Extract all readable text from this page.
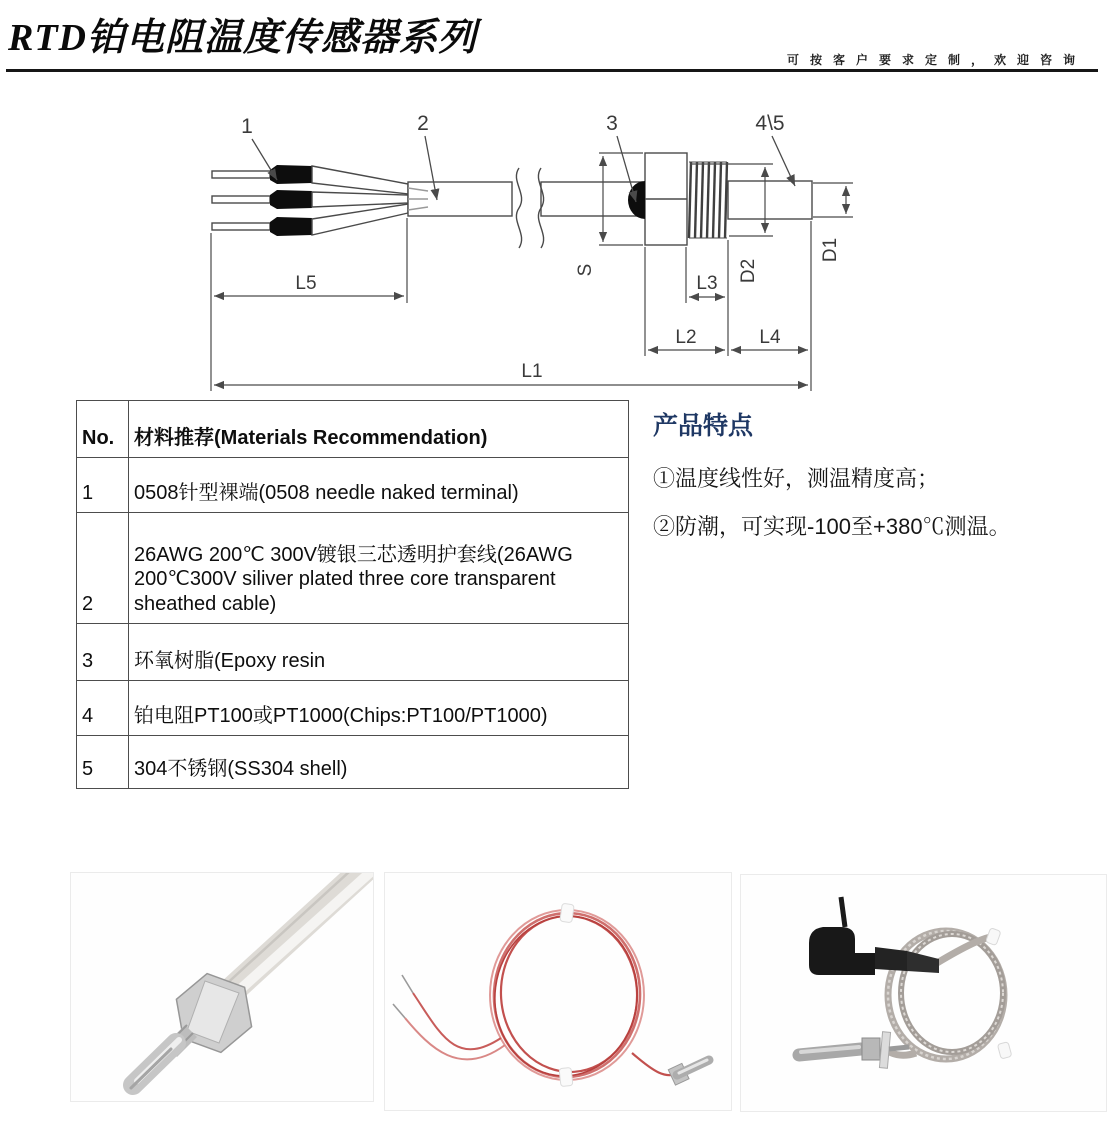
RTD铂电阻温度传感器系列
可按客户要求定制，欢迎咨询
1	2	3	4\5
L5
S
L3
D2
D1
L2	L4
L1
No.	材料推荐(Materials Recommendation)
1	0508针型裸端(0508 needle naked terminal)
2	26AWG 200℃ 300V镀银三芯透明护套线(26AWG 200℃300V siliver plated three core transparent sheathed cable)
3	环氧树脂(Epoxy resin
4	铂电阻PT100或PT1000(Chips:PT100/PT1000)
5	304不锈钢(SS304 shell)
产品特点
①温度线性好，测温精度高；
②防潮，可实现-100至+380℃测温。
